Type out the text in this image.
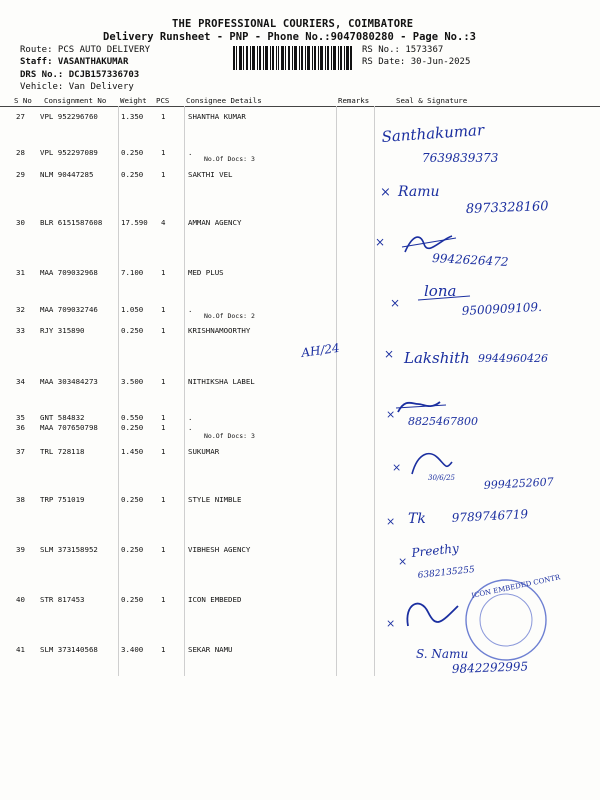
THE PROFESSIONAL COURIERS, COIMBATORE
Delivery Runsheet - PNP - Phone No.:9047080280 - Page No.:3
Route: PCS AUTO DELIVERY
Staff: VASANTHAKUMAR
DRS No.: DCJB157336703
Vehicle: Van Delivery
RS No.: 1573367
RS Date: 30-Jun-2025
S No Consignment No Weight PCS Consignee Details	Remarks	Seal & Signature
27 VPL 952296760	1.350 1	SHANTHA KUMAR
28 VPL 952297089	0.250 1	.
No.Of Docs: 3
29 NLM 90447285	0.250 1	SAKTHI VEL
30 BLR 6151587608	17.590 4	AMMAN AGENCY
31 MAA 709032968	7.100 1	MED PLUS
32 MAA 709032746	1.050 1	.
No.Of Docs: 2
33 RJY 315890	0.250 1	KRISHNAMOORTHY
34 MAA 303484273	3.500 1	NITHIKSHA LABEL
35 GNT 584832	0.550 1	.
36 MAA 707650798	0.250 1	.
No.Of Docs: 3
37 TRL 728118	1.450 1	SUKUMAR
38 TRP 751019	0.250 1	STYLE NIMBLE
39 SLM 373158952	0.250 1	VIBHESH AGENCY
40 STR 817453	0.250 1	ICON EMBEDED
41 SLM 373140568	3.400 1	SEKAR NAMU
Santhakumar
7639839373
× Ramu
8973328160
×
9942626472
×
lona
9500909109.
AH/24	× Lakshith 9944960426
×
8825467800
×
30/6/25	9994252607
× Tk 9789746719
×
Preethy
6382135255
×
ICON EMBEDED CONTR
S. Namu
9842292995
